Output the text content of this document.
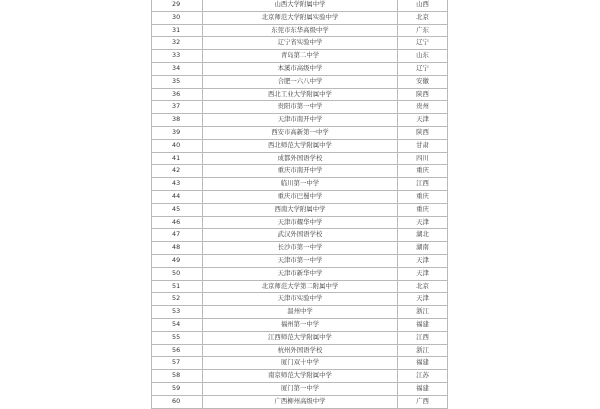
29	山西大学附属中学	山西
30	北京师范大学附属实验中学	北京
31	东莞市东华高级中学	广东
32	辽宁省实验中学	辽宁
33	青岛第二中学	山东
34	本溪市高级中学	辽宁
35	合肥一六八中学	安徽
36	西北工业大学附属中学	陕西
37	贵阳市第一中学	贵州
38	天津市南开中学	天津
39	西安市高新第一中学	陕西
40	西北师范大学附属中学	甘肃
41	成都外国语学校	四川
42	重庆市南开中学	重庆
43	临川第一中学	江西
44	重庆市巴蜀中学	重庆
45	西南大学附属中学	重庆
46	天津市耀华中学	天津
47	武汉外国语学校	湖北
48	长沙市第一中学	湖南
49	天津市第一中学	天津
50	天津市新华中学	天津
51	北京师范大学第二附属中学	北京
52	天津市实验中学	天津
53	温州中学	浙江
54	福州第一中学	福建
55	江西师范大学附属中学	江西
56	杭州外国语学校	浙江
57	厦门双十中学	福建
58	南京师范大学附属中学	江苏
59	厦门第一中学	福建
60	广西柳州高级中学	广西
